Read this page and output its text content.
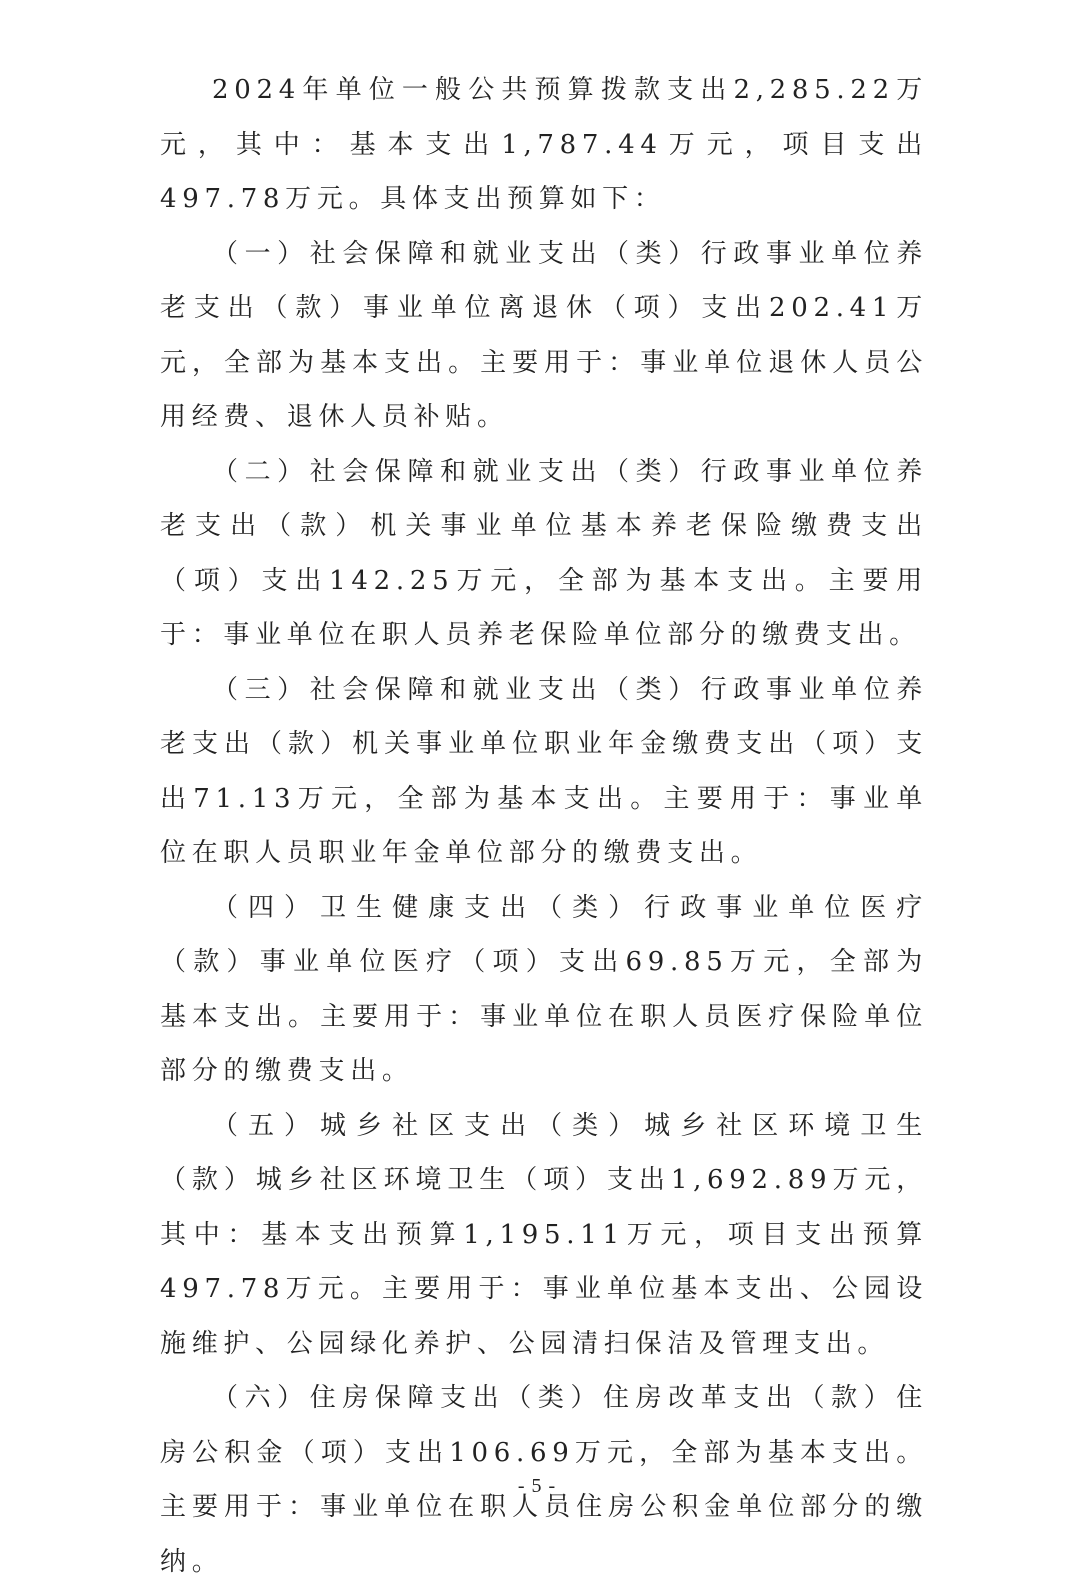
2024年单位一般公共预算拨款支出2,285.22万元，其中：基本支出1,787.44万元，项目支出497.78万元。具体支出预算如下：

（一）社会保障和就业支出（类）行政事业单位养老支出（款）事业单位离退休（项）支出202.41万元，全部为基本支出。主要用于：事业单位退休人员公用经费、退休人员补贴。

（二）社会保障和就业支出（类）行政事业单位养老支出（款）机关事业单位基本养老保险缴费支出（项）支出142.25万元，全部为基本支出。主要用于：事业单位在职人员养老保险单位部分的缴费支出。

（三）社会保障和就业支出（类）行政事业单位养老支出（款）机关事业单位职业年金缴费支出（项）支出71.13万元，全部为基本支出。主要用于：事业单位在职人员职业年金单位部分的缴费支出。

（四）卫生健康支出（类）行政事业单位医疗（款）事业单位医疗（项）支出69.85万元，全部为基本支出。主要用于：事业单位在职人员医疗保险单位部分的缴费支出。

（五）城乡社区支出（类）城乡社区环境卫生（款）城乡社区环境卫生（项）支出1,692.89万元，其中：基本支出预算1,195.11万元，项目支出预算497.78万元。主要用于：事业单位基本支出、公园设施维护、公园绿化养护、公园清扫保洁及管理支出。

（六）住房保障支出（类）住房改革支出（款）住房公积金（项）支出106.69万元，全部为基本支出。主要用于：事业单位在职人员住房公积金单位部分的缴纳。

- 5 -
